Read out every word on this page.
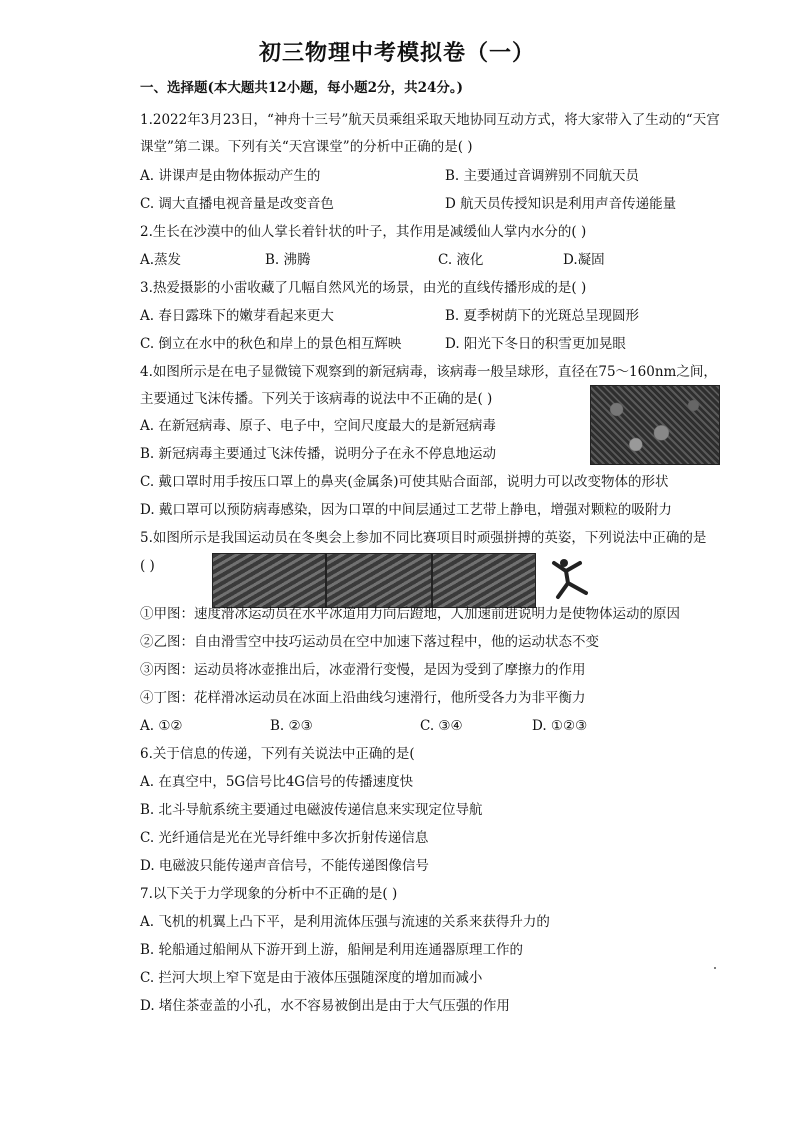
初三物理中考模拟卷（一）
一、选择题(本大题共12小题，每小题2分，共24分。)
1.2022年3月23日，“神舟十三号”航天员乘组采取天地协同互动方式，将大家带入了生动的“天宫
课堂”第二课。下列有关“天宫课堂”的分析中正确的是( )
A. 讲课声是由物体振动产生的	B. 主要通过音调辨别不同航天员
C. 调大直播电视音量是改变音色	D 航天员传授知识是利用声音传递能量
2.生长在沙漠中的仙人掌长着针状的叶子，其作用是减缓仙人掌内水分的( )
A.蒸发	B. 沸腾	C. 液化	D.凝固
3.热爱摄影的小雷收藏了几幅自然风光的场景，由光的直线传播形成的是( )
A. 春日露珠下的嫩芽看起来更大	B. 夏季树荫下的光斑总呈现圆形
C. 倒立在水中的秋色和岸上的景色相互辉映	D. 阳光下冬日的积雪更加晃眼
4.如图所示是在电子显微镜下观察到的新冠病毒，该病毒一般呈球形，直径在75～160nm之间，
主要通过飞沫传播。下列关于该病毒的说法中不正确的是( )
A. 在新冠病毒、原子、电子中，空间尺度最大的是新冠病毒
B. 新冠病毒主要通过飞沫传播，说明分子在永不停息地运动
C. 戴口罩时用手按压口罩上的鼻夹(金属条)可使其贴合面部，说明力可以改变物体的形状
D. 戴口罩可以预防病毒感染，因为口罩的中间层通过工艺带上静电，增强对颗粒的吸附力
5.如图所示是我国运动员在冬奥会上参加不同比赛项目时顽强拼搏的英姿，下列说法中正确的是
( )
①甲图：速度滑冰运动员在水平冰道用力向后蹬地，人加速前进说明力是使物体运动的原因
②乙图：自由滑雪空中技巧运动员在空中加速下落过程中，他的运动状态不变
③丙图：运动员将冰壶推出后，冰壶滑行变慢，是因为受到了摩擦力的作用
④丁图：花样滑冰运动员在冰面上沿曲线匀速滑行，他所受各力为非平衡力
A. ①②	B. ②③	C. ③④	D. ①②③
6.关于信息的传递，下列有关说法中正确的是(
A. 在真空中，5G信号比4G信号的传播速度快
B. 北斗导航系统主要通过电磁波传递信息来实现定位导航
C. 光纤通信是光在光导纤维中多次折射传递信息
D. 电磁波只能传递声音信号，不能传递图像信号
7.以下关于力学现象的分析中不正确的是( )
A. 飞机的机翼上凸下平，是利用流体压强与流速的关系来获得升力的
B. 轮船通过船闸从下游开到上游，船闸是利用连通器原理工作的
C. 拦河大坝上窄下宽是由于液体压强随深度的增加而减小
D. 堵住茶壶盖的小孔，水不容易被倒出是由于大气压强的作用
